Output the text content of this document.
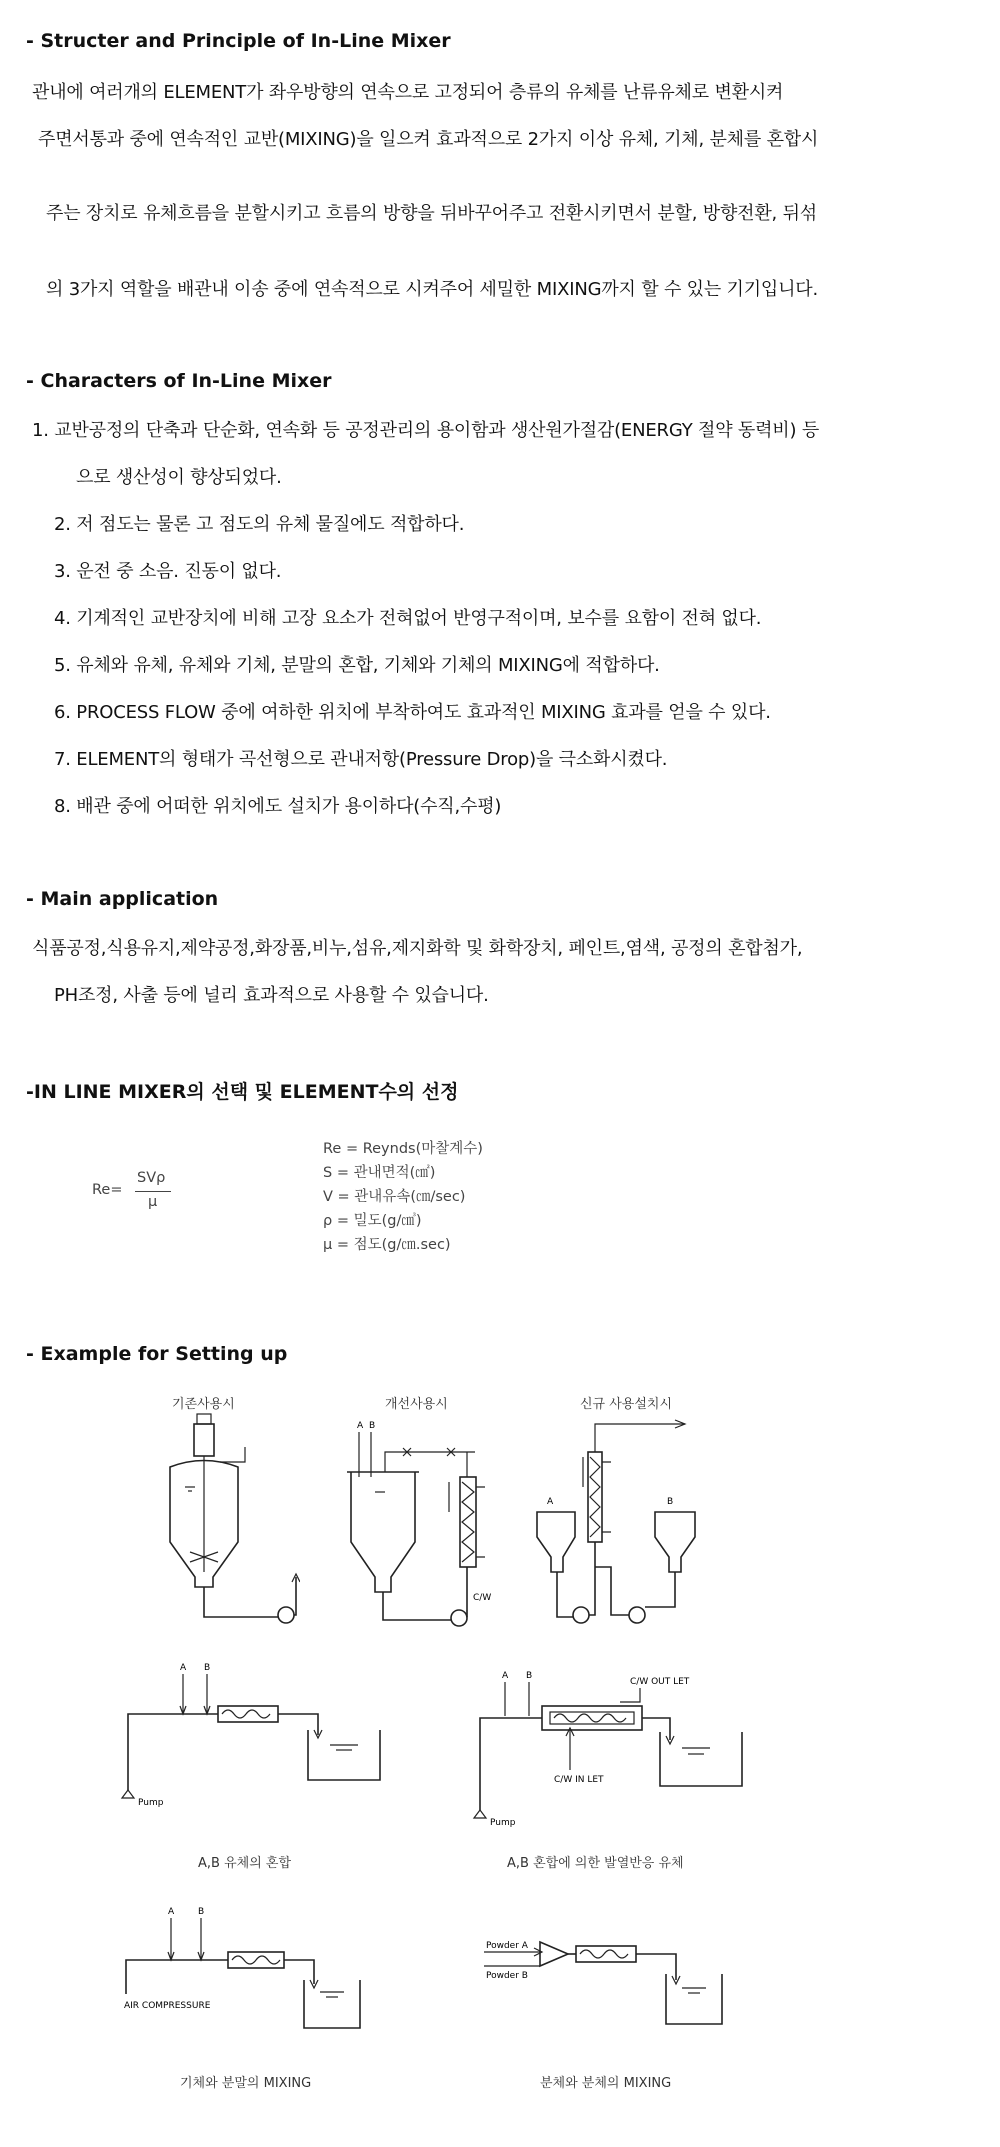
- Structer and Principle of In-Line Mixer
관내에 여러개의 ELEMENT가 좌우방향의 연속으로 고정되어 층류의 유체를 난류유체로 변환시켜
주면서통과 중에 연속적인 교반(MIXING)을 일으켜 효과적으로 2가지 이상 유체, 기체, 분체를 혼합시
주는 장치로 유체흐름을 분할시키고 흐름의 방향을 뒤바꾸어주고 전환시키면서 분할, 방향전환, 뒤섞
의 3가지 역할을 배관내 이송 중에 연속적으로 시켜주어 세밀한 MIXING까지 할 수 있는 기기입니다.
- Characters of In-Line Mixer
1. 교반공정의 단축과 단순화, 연속화 등 공정관리의 용이함과 생산원가절감(ENERGY 절약 동력비) 등
으로 생산성이 향상되었다.
2. 저 점도는 물론 고 점도의 유체 물질에도 적합하다.
3. 운전 중 소음. 진동이 없다.
4. 기계적인 교반장치에 비해 고장 요소가 전혀없어 반영구적이며, 보수를 요함이 전혀 없다.
5. 유체와 유체, 유체와 기체, 분말의 혼합, 기체와 기체의 MIXING에 적합하다.
6. PROCESS FLOW 중에 여하한 위치에 부착하여도 효과적인 MIXING 효과를 얻을 수 있다.
7. ELEMENT의 형태가 곡선형으로 관내저항(Pressure Drop)을 극소화시켰다.
8. 배관 중에 어떠한 위치에도 설치가 용이하다(수직,수평)
- Main application
식품공정,식용유지,제약공정,화장품,비누,섬유,제지화학 및 화학장치, 페인트,염색, 공정의 혼합첨가,
PH조정, 사출 등에 널리 효과적으로 사용할 수 있습니다.
-IN LINE MIXER의 선택 및 ELEMENT수의 선정
Re=
SVρ
μ
Re = Reynds(마찰계수)
S = 관내면적(㎠)
V = 관내유속(㎝/sec)
ρ = 밀도(g/㎤)
μ = 점도(g/㎝.sec)
- Example for Setting up
기존사용시	개선사용시	신규 사용설치시
A B
C/W
A	B
A B
Pump
A,B 유체의 혼합
A B
C/W OUT LET
C/W IN LET
Pump
A,B 혼합에 의한 발열반응 유체
A	B
AIR COMPRESSURE
기체와 분말의 MIXING
Powder A
Powder B
분체와 분체의 MIXING
